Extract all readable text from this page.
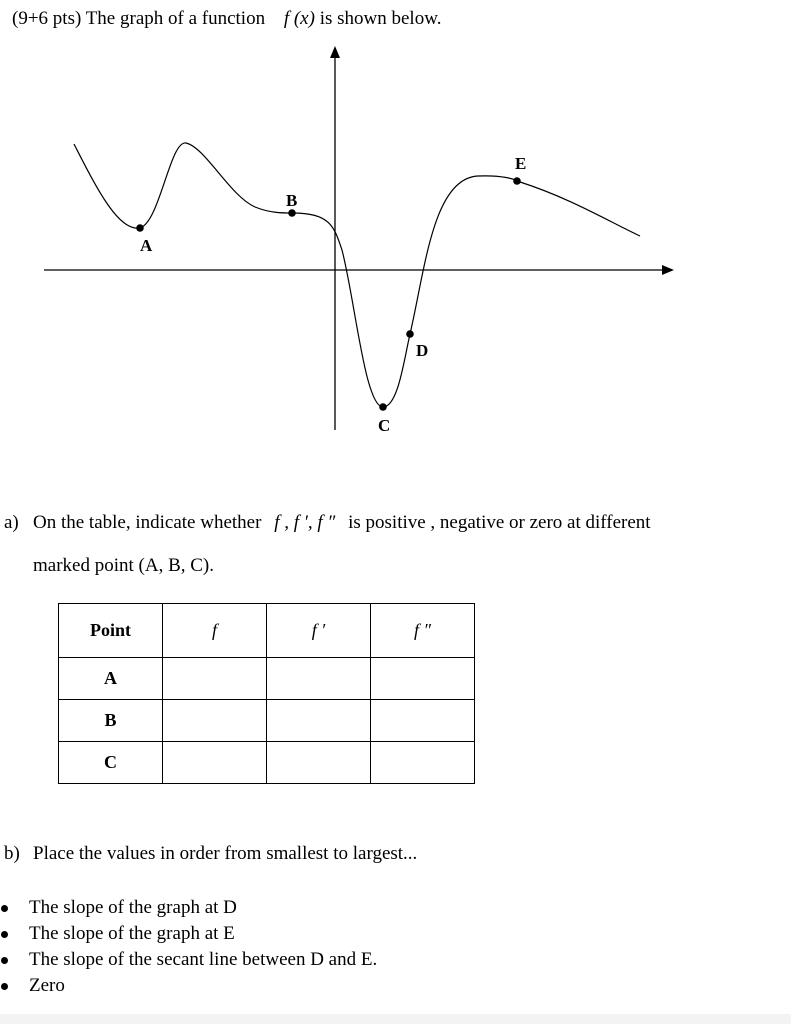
(9+6 pts) The graph of a function f (x) is shown below.
A
B
C
D
E
a) On the table, indicate whether f , f ′, f ″ is positive , negative or zero at different
marked point (A, B, C).
Point	f	f ′	f ″
A			
B			
C			
b) Place the values in order from smallest to largest...
The slope of the graph at D
The slope of the graph at E
The slope of the secant line between D and E.
Zero
